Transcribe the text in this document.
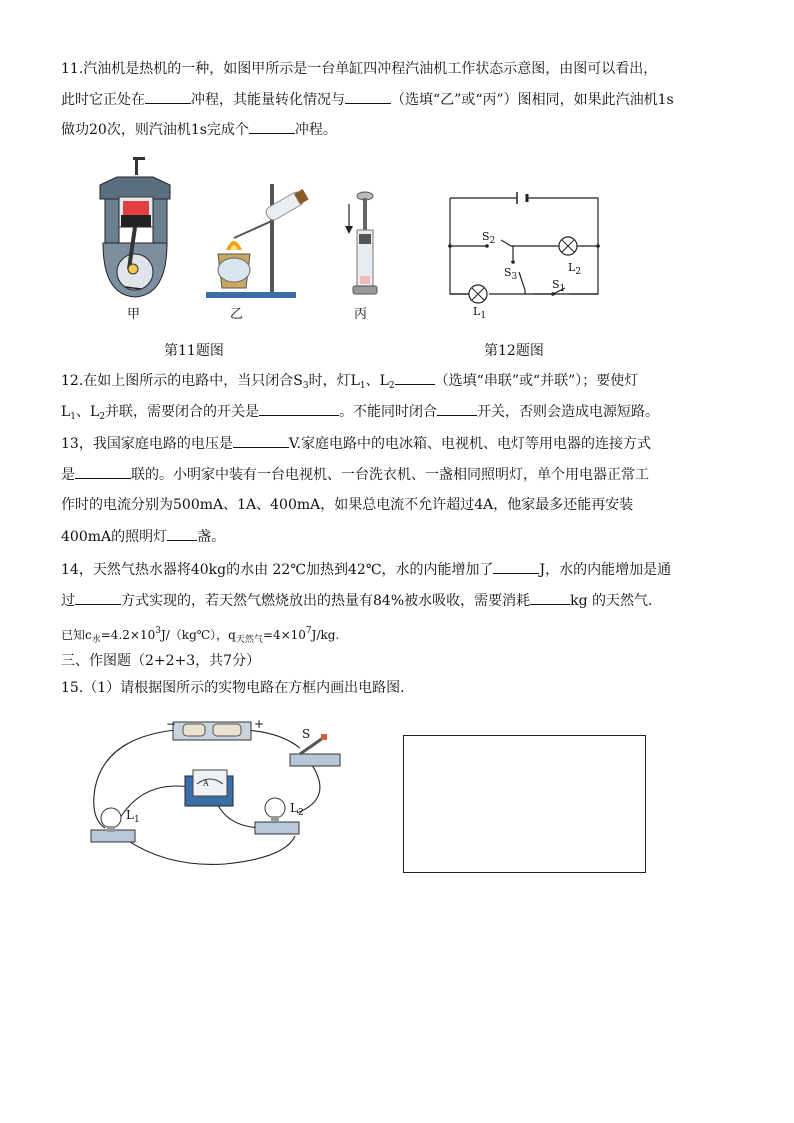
11.汽油机是热机的一种，如图甲所示是一台单缸四冲程汽油机工作状态示意图，由图可以看出，
此时它正处在	冲程，其能量转化情况与	（选填“乙”或“丙”）图相同，如果此汽油机1s
做功20次，则汽油机1s完成个	冲程。
甲	乙	丙
$S_2$
$S_3$
$S_1$
$L_2$
$L_1$
第11题图	第12题图
12.在如上图所示的电路中，当只闭合$S_3$时，灯$L_1$、$L_2$	（选填“串联”或“并联”）；要使灯
$L_1$、$L_2$并联，需要闭合的开关是	。不能同时闭合	开关，否则会造成电源短路。
13，我国家庭电路的电压是	V.家庭电路中的电冰箱、电视机、电灯等用电器的连接方式
是	联的。小明家中装有一台电视机、一台洗衣机、一盏相同照明灯，单个用电器正常工
作时的电流分别为500mA、1A、400mA，如果总电流不允许超过4A，他家最多还能再安装
400mA的照明灯 盏。
14，天然气热水器将40kg的水由 22℃加热到42℃，水的内能增加了	J，水的内能增加是通
过	方式实现的，若天然气燃烧放出的热量有84%被水吸收，需要消耗	kg 的天然气.
已知$c_水=4.2\times 10^3J/(kg℃)$，$q_{天然气}=4\times 10^7J/kg$.
三、作图题（2+2+3，共7分）
15.（1）请根据图所示的实物电路在方框内画出电路图.
−	+
S
A
$L_1$
$L_2$
